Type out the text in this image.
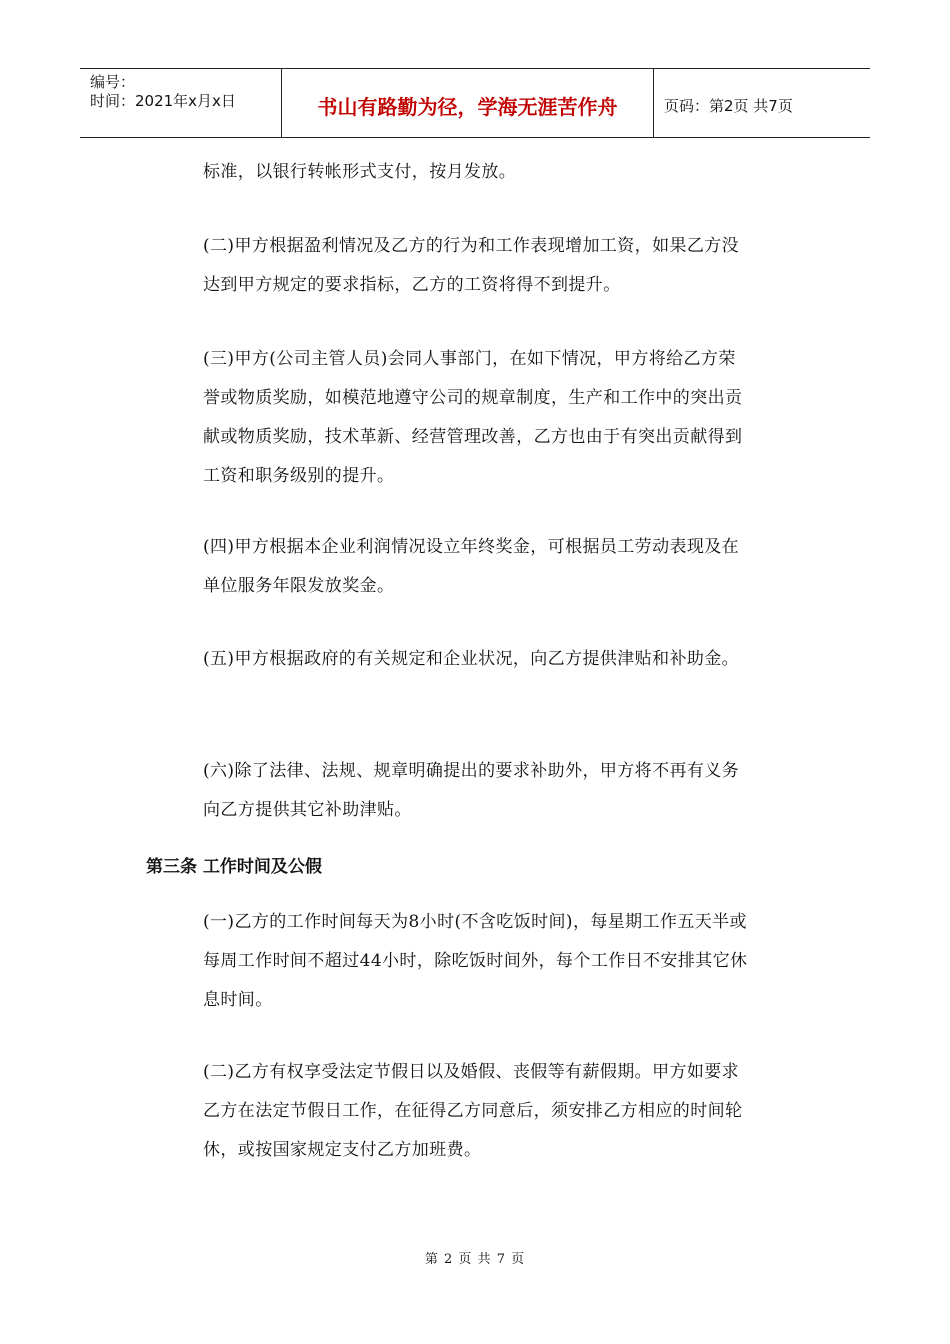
编号：
时间：2021年x月x日	书山有路勤为径，学海无涯苦作舟	页码：第2页 共7页

标准，以银行转帐形式支付，按月发放。

(二)甲方根据盈利情况及乙方的行为和工作表现增加工资，如果乙方没达到甲方规定的要求指标，乙方的工资将得不到提升。

(三)甲方(公司主管人员)会同人事部门，在如下情况，甲方将给乙方荣誉或物质奖励，如模范地遵守公司的规章制度，生产和工作中的突出贡献或物质奖励，技术革新、经营管理改善，乙方也由于有突出贡献得到工资和职务级别的提升。

(四)甲方根据本企业利润情况设立年终奖金，可根据员工劳动表现及在单位服务年限发放奖金。

(五)甲方根据政府的有关规定和企业状况，向乙方提供津贴和补助金。

(六)除了法律、法规、规章明确提出的要求补助外，甲方将不再有义务向乙方提供其它补助津贴。

第三条 工作时间及公假

(一)乙方的工作时间每天为8小时(不含吃饭时间)，每星期工作五天半或每周工作时间不超过44小时，除吃饭时间外，每个工作日不安排其它休息时间。

(二)乙方有权享受法定节假日以及婚假、丧假等有薪假期。甲方如要求乙方在法定节假日工作，在征得乙方同意后，须安排乙方相应的时间轮休，或按国家规定支付乙方加班费。

第 2 页 共 7 页
